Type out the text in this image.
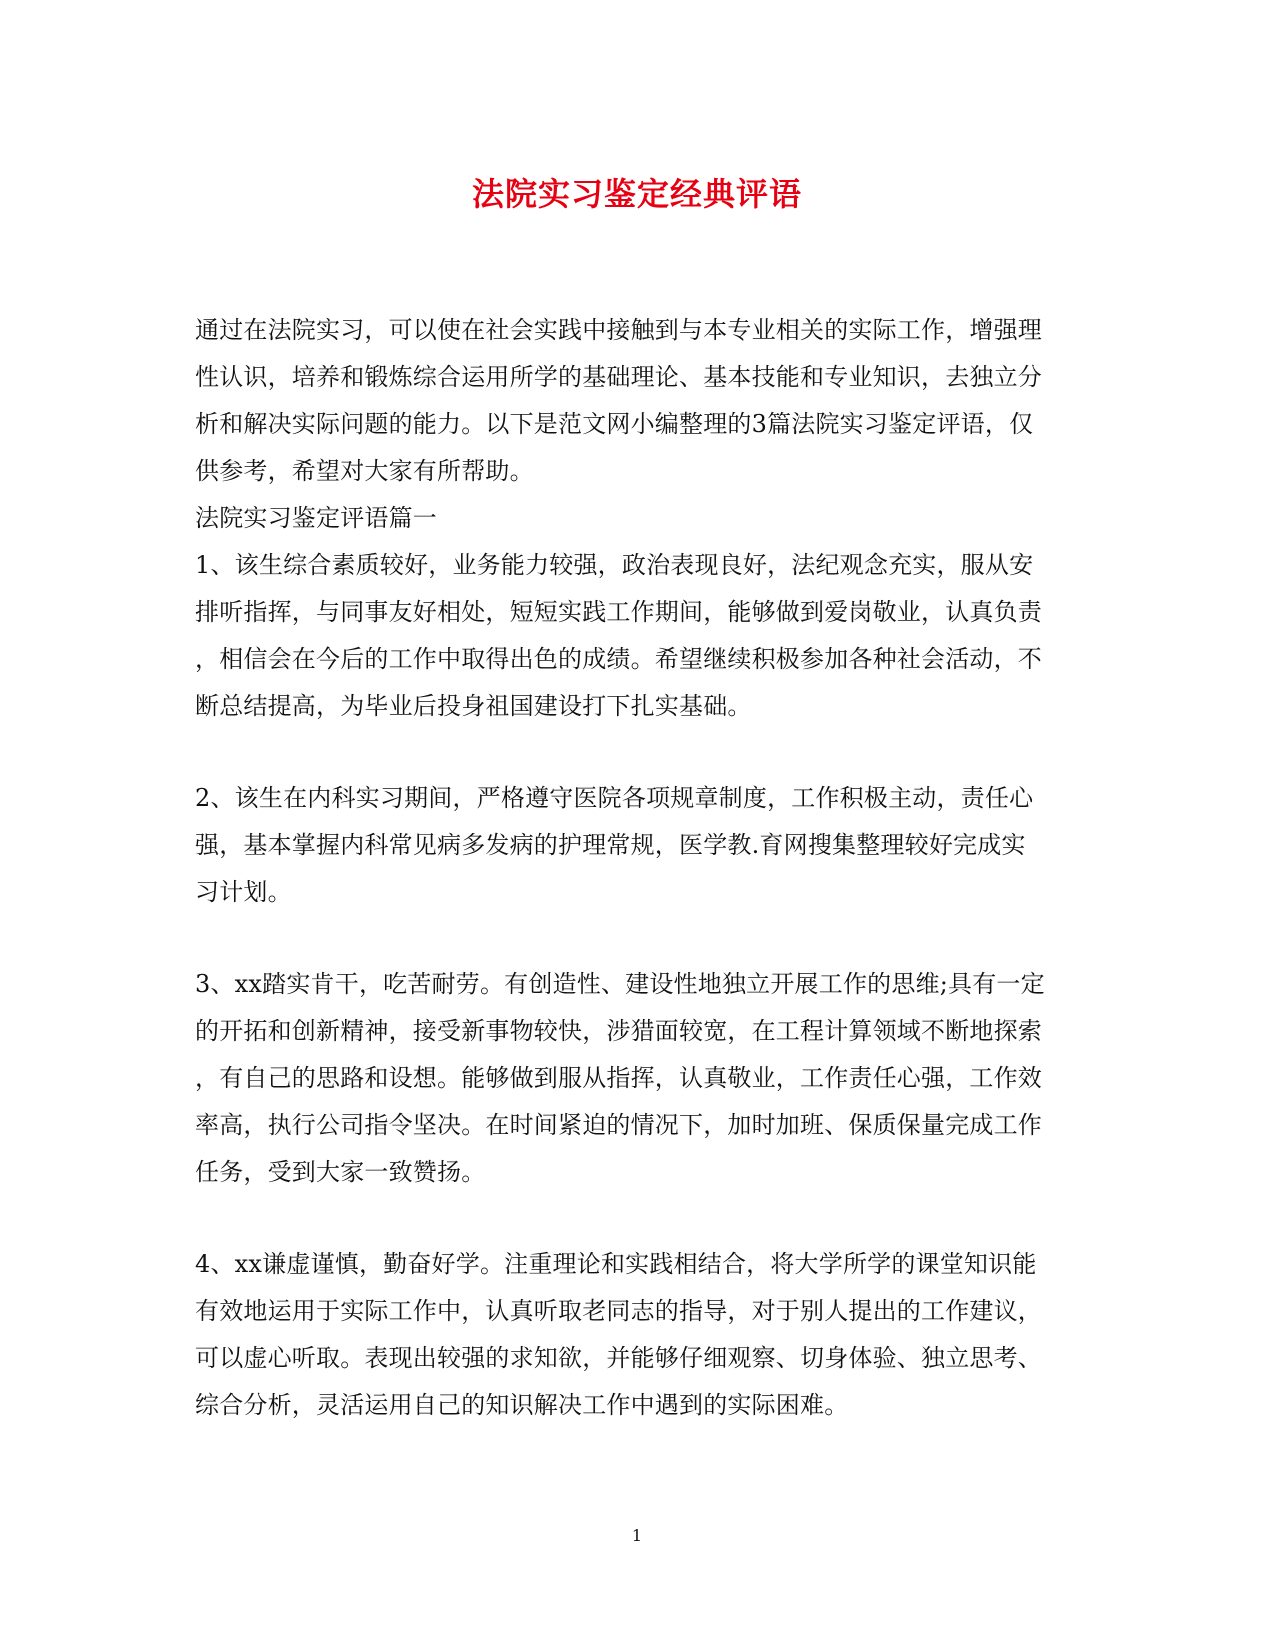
法院实习鉴定经典评语
通过在法院实习，可以使在社会实践中接触到与本专业相关的实际工作，增强理
性认识，培养和锻炼综合运用所学的基础理论、基本技能和专业知识，去独立分
析和解决实际问题的能力。以下是范文网小编整理的3篇法院实习鉴定评语，仅
供参考，希望对大家有所帮助。
法院实习鉴定评语篇一
1、该生综合素质较好，业务能力较强，政治表现良好，法纪观念充实，服从安
排听指挥，与同事友好相处，短短实践工作期间，能够做到爱岗敬业，认真负责
，相信会在今后的工作中取得出色的成绩。希望继续积极参加各种社会活动，不
断总结提高，为毕业后投身祖国建设打下扎实基础。
2、该生在内科实习期间，严格遵守医院各项规章制度，工作积极主动，责任心
强，基本掌握内科常见病多发病的护理常规，医学教.育网搜集整理较好完成实
习计划。
3、xx踏实肯干，吃苦耐劳。有创造性、建设性地独立开展工作的思维;具有一定
的开拓和创新精神，接受新事物较快，涉猎面较宽，在工程计算领域不断地探索
，有自己的思路和设想。能够做到服从指挥，认真敬业，工作责任心强，工作效
率高，执行公司指令坚决。在时间紧迫的情况下，加时加班、保质保量完成工作
任务，受到大家一致赞扬。
4、xx谦虚谨慎，勤奋好学。注重理论和实践相结合，将大学所学的课堂知识能
有效地运用于实际工作中，认真听取老同志的指导，对于别人提出的工作建议，
可以虚心听取。表现出较强的求知欲，并能够仔细观察、切身体验、独立思考、
综合分析，灵活运用自己的知识解决工作中遇到的实际困难。
1
